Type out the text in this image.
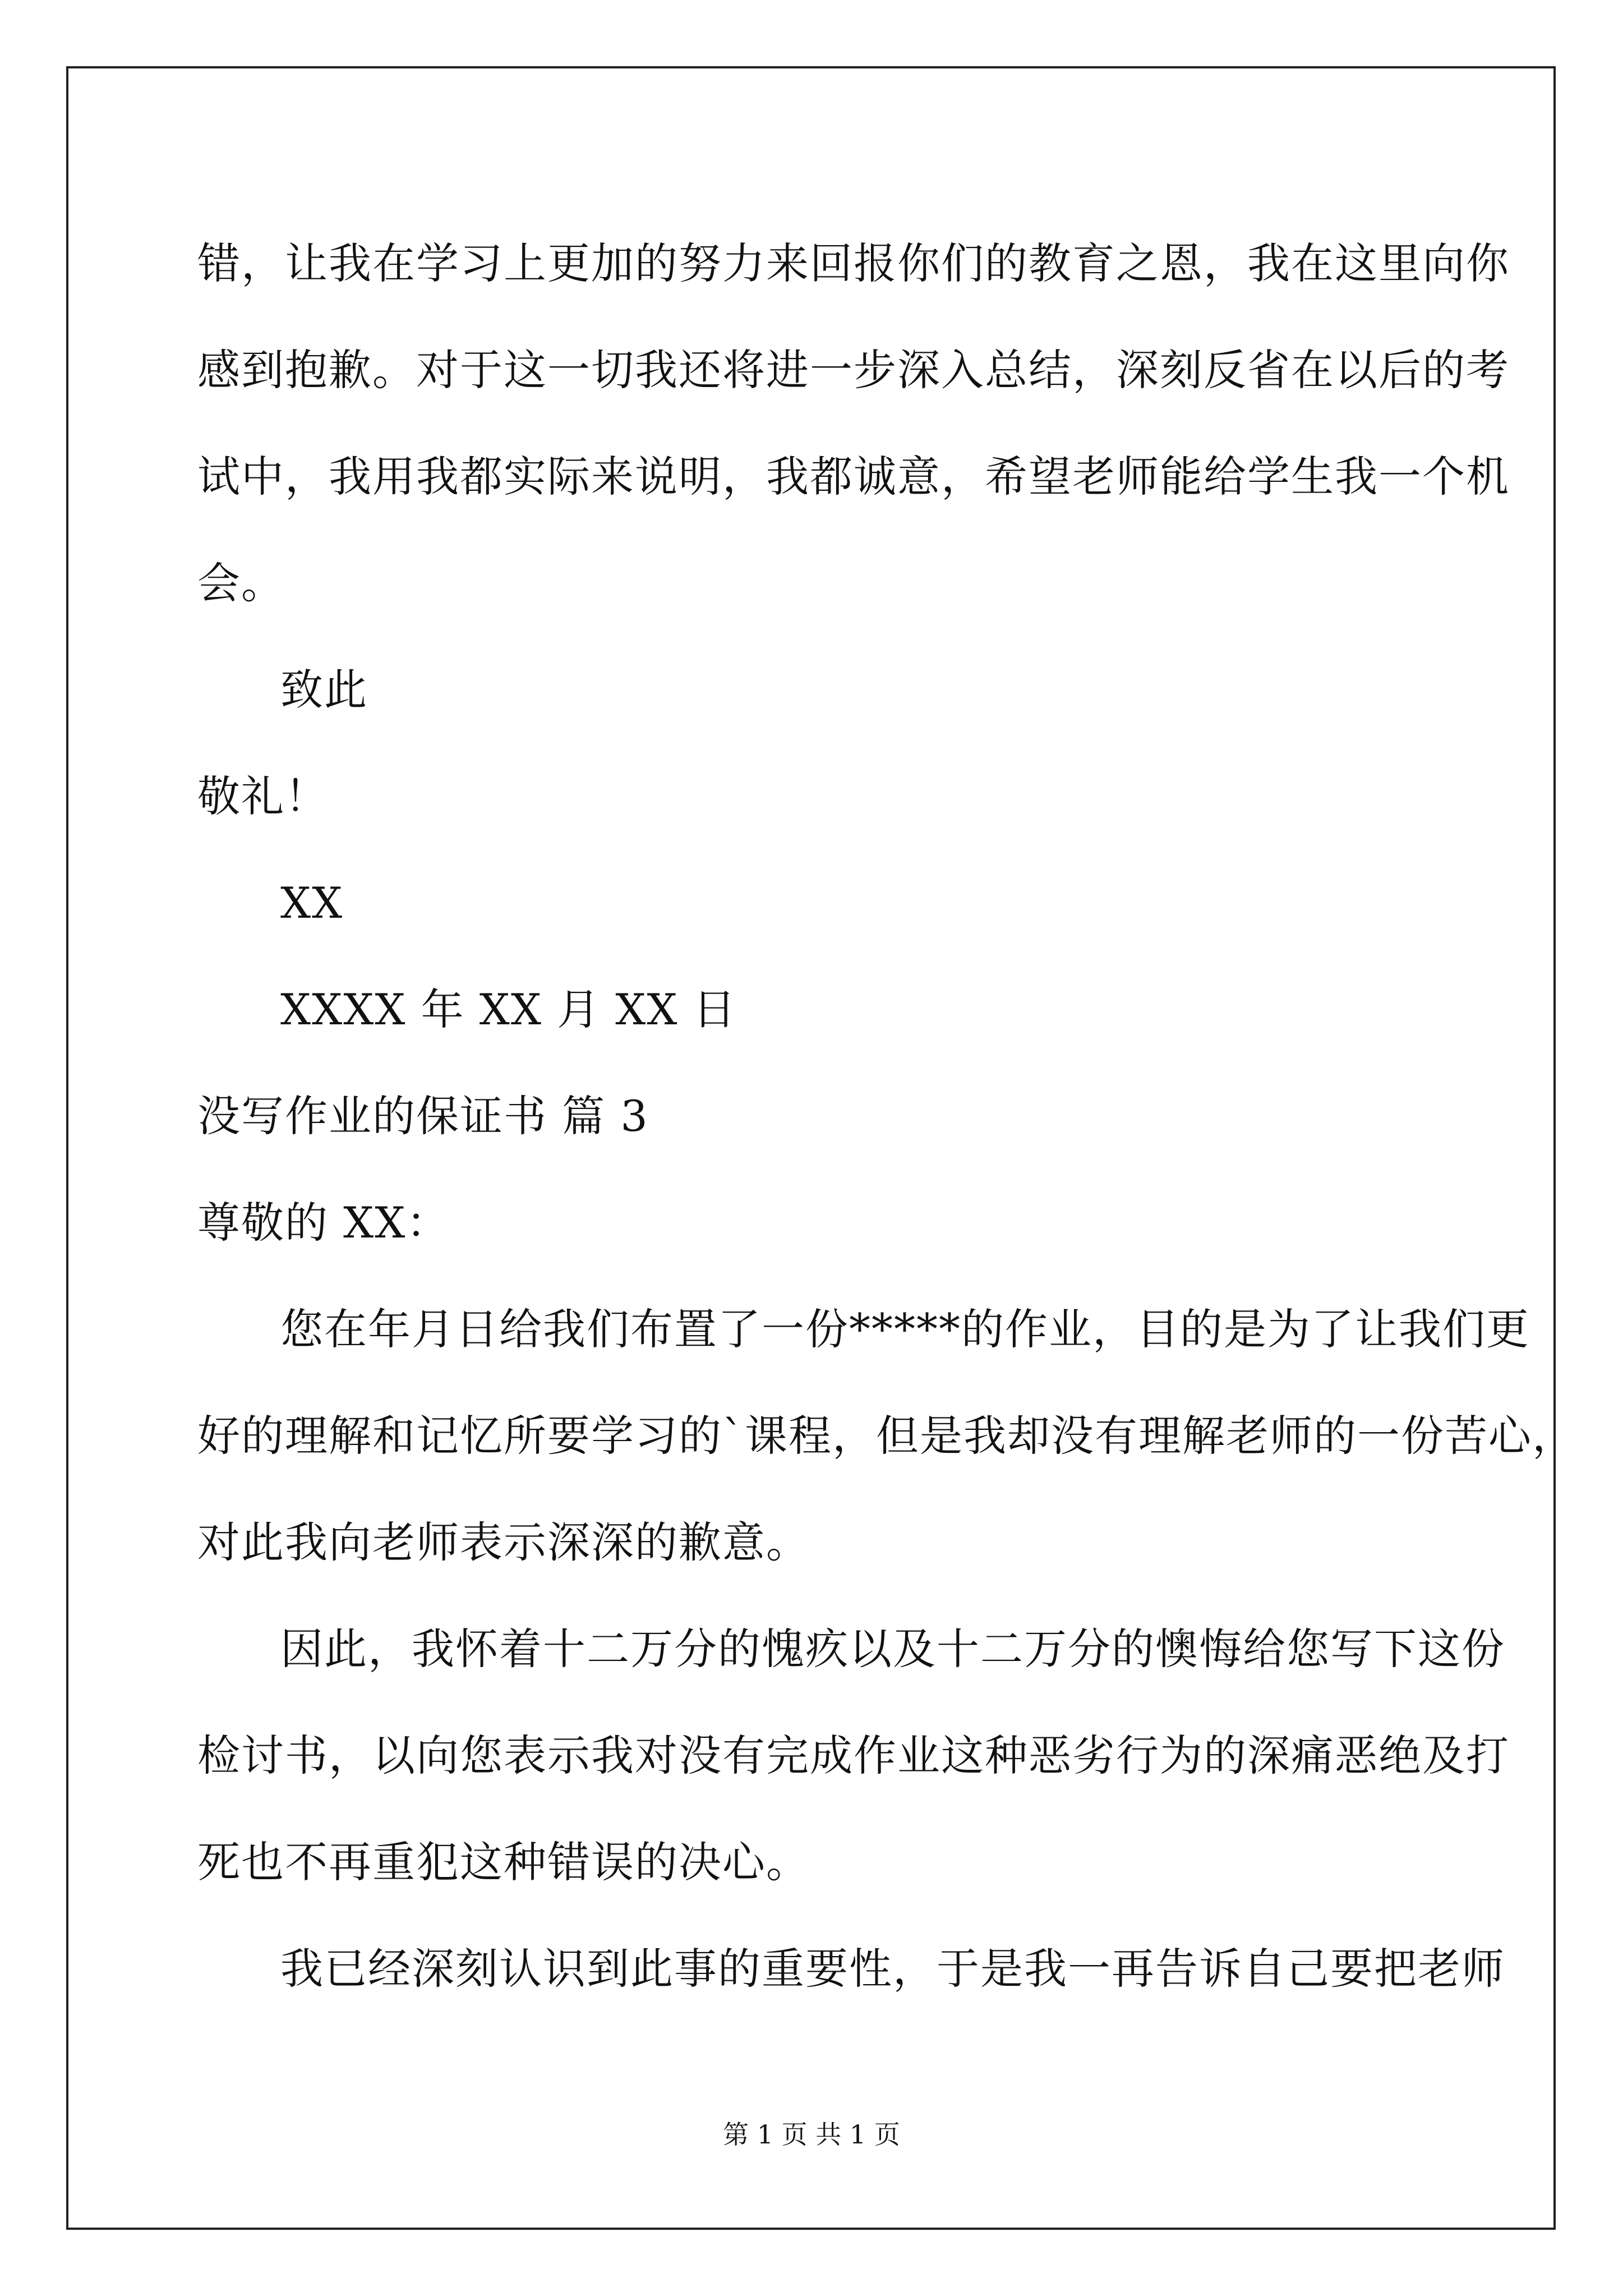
错，让我在学习上更加的努力来回报你们的教育之恩，我在这里向你
感到抱歉。对于这一切我还将进一步深入总结，深刻反省在以后的考
试中，我用我都实际来说明，我都诚意，希望老师能给学生我一个机
会。
致此
敬礼！
XX
XXXX 年 XX 月 XX 日
没写作业的保证书 篇 3
尊敬的 XX：
您在年月日给我们布置了一份*****的作业，目的是为了让我们更
好的理解和记忆所要学习的`课程，但是我却没有理解老师的一份苦心，
对此我向老师表示深深的歉意。
因此，我怀着十二万分的愧疚以及十二万分的懊悔给您写下这份
检讨书，以向您表示我对没有完成作业这种恶劣行为的深痛恶绝及打
死也不再重犯这种错误的决心。
我已经深刻认识到此事的重要性，于是我一再告诉自己要把老师
第 1 页 共 1 页
